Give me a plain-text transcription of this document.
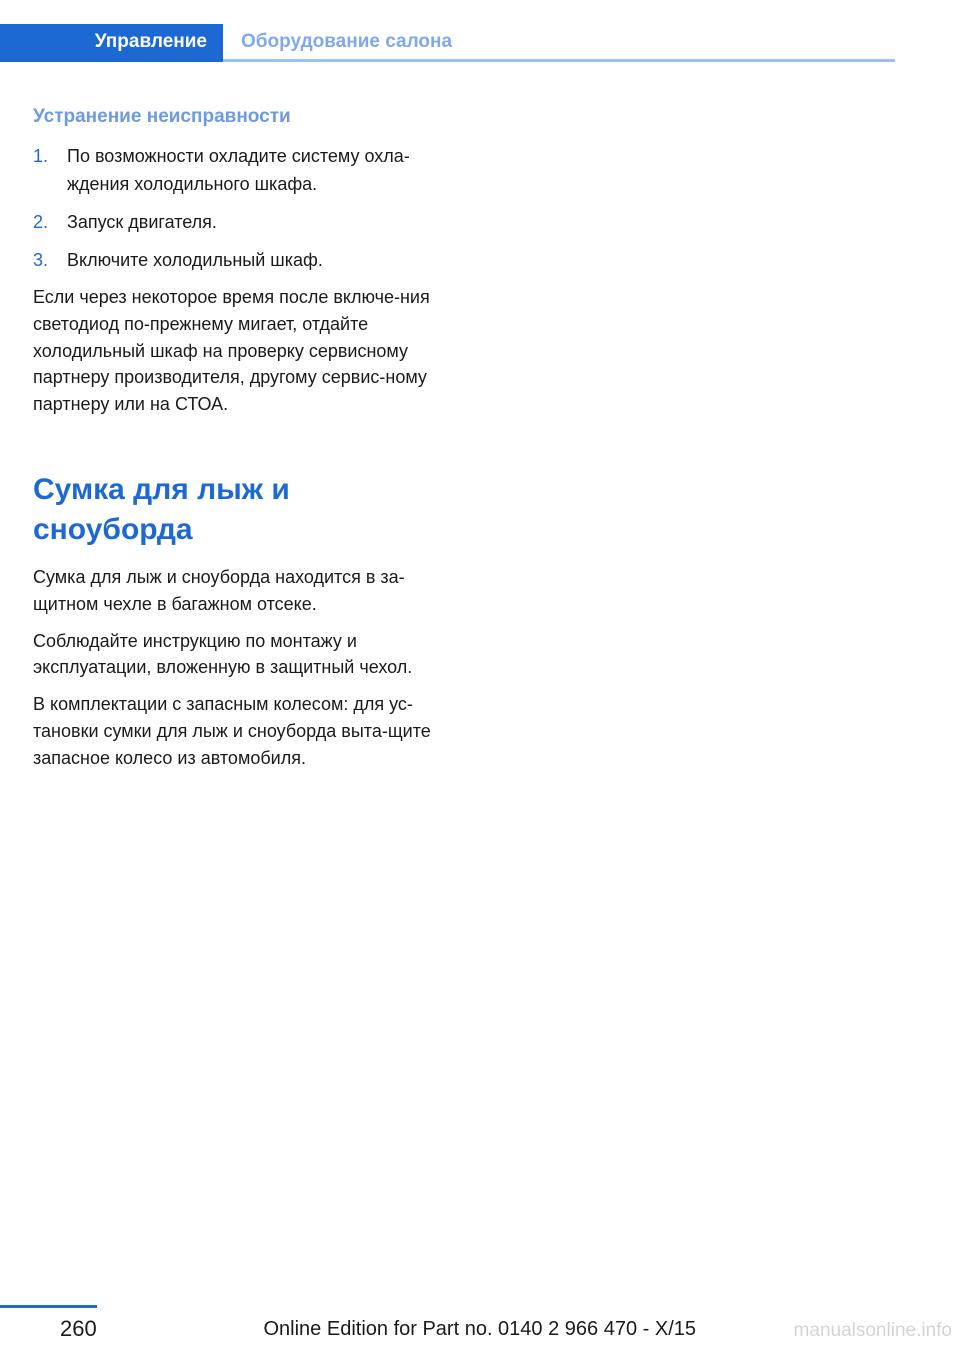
Управление Оборудование салона
Устранение неисправности
1. По возможности охладите систему охла-ждения холодильного шкафа.
2. Запуск двигателя.
3. Включите холодильный шкаф.

Если через некоторое время после включе-ния светодиод по-прежнему мигает, отдайте холодильный шкаф на проверку сервисному партнеру производителя, другому сервис-ному партнеру или на СТОА.

Сумка для лыж и сноуборда

Сумка для лыж и сноуборда находится в за-щитном чехле в багажном отсеке.

Соблюдайте инструкцию по монтажу и эксплуатации, вложенную в защитный чехол.

В комплектации с запасным колесом: для ус-тановки сумки для лыж и сноуборда выта-щите запасное колесо из автомобиля.

260	Online Edition for Part no. 0140 2 966 470 - X/15	manualsonline.info
